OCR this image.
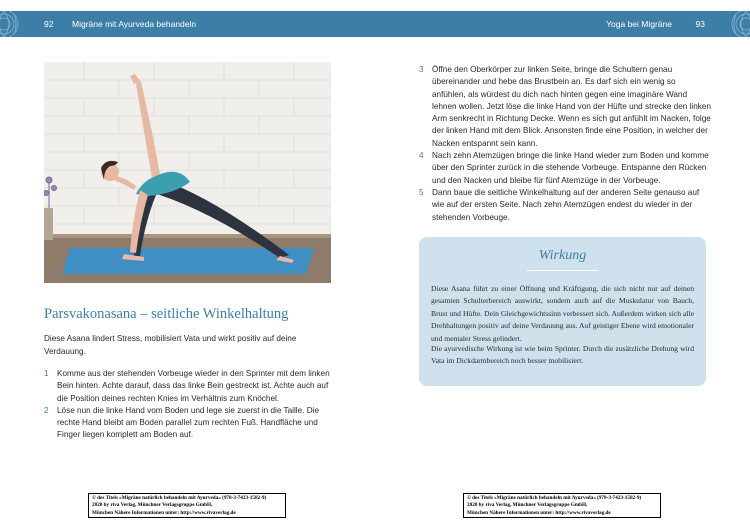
92 Migräne mit Ayurveda behandeln	Yoga bei Migräne	93
Parsvakonasana – seitliche Winkelhaltung

Diese Asana lindert Stress, mobilisiert Vata und wirkt positiv auf deine Verdauung.

1 Komme aus der stehenden Vorbeuge wieder in den Sprinter mit dem linken Bein hinten. Achte darauf, dass das linke Bein gestreckt ist. Achte auch auf die Position deines rechten Knies im Verhältnis zum Knöchel.
2 Löse nun die linke Hand vom Boden und lege sie zuerst in die Taille. Die rechte Hand bleibt am Boden parallel zum rechten Fuß. Handfläche und Finger liegen komplett am Boden auf.
3 Öffne den Oberkörper zur linken Seite, bringe die Schultern genau übereinander und hebe das Brustbein an. Es darf sich ein wenig so anfühlen, als würdest du dich nach hinten gegen eine imaginäre Wand lehnen wollen. Jetzt löse die linke Hand von der Hüfte und strecke den linken Arm senkrecht in Richtung Decke. Wenn es sich gut anfühlt im Nacken, folge der linken Hand mit dem Blick. Ansonsten finde eine Position, in welcher der Nacken entspannt sein kann.
4 Nach zehn Atemzügen bringe die linke Hand wieder zum Boden und komme über den Sprinter zurück in die stehende Vorbeuge. Entspanne den Rücken und den Nacken und bleibe für fünf Atemzüge in der Vorbeuge.
5 Dann baue die seitliche Winkelhaltung auf der anderen Seite genauso auf wie auf der ersten Seite. Nach zehn Atemzügen endest du wieder in der stehenden Vorbeuge.
Wirkung

Diese Asana führt zu einer Öffnung und Kräftigung, die sich nicht nur auf deinen gesamten Schulterbereich auswirkt, sondern auch auf die Muskulatur von Bauch, Brust und Hüfte. Dein Gleichgewichtssinn verbessert sich. Außerdem wirken sich alle Drehhaltungen positiv auf deine Verdauung aus. Auf geistiger Ebene wird emotionaler und mentaler Stress gelindert.

Die ayurvedische Wirkung ist wie beim Sprinter. Durch die zusätzliche Drehung wird Vata im Dickdarmbereich noch besser mobilisiert.

© des Titels »Migräne natürlich behandeln mit Ayurveda« (978-3-7423-1582-9)
2020 by riva Verlag, Münchner Verlagsgruppe GmbH,
München Nähere Informationen unter: http://www.rivaverlag.de
© des Titels »Migräne natürlich behandeln mit Ayurveda« (978-3-7423-1582-9)
2020 by riva Verlag, Münchner Verlagsgruppe GmbH,
München Nähere Informationen unter: http://www.rivaverlag.de
